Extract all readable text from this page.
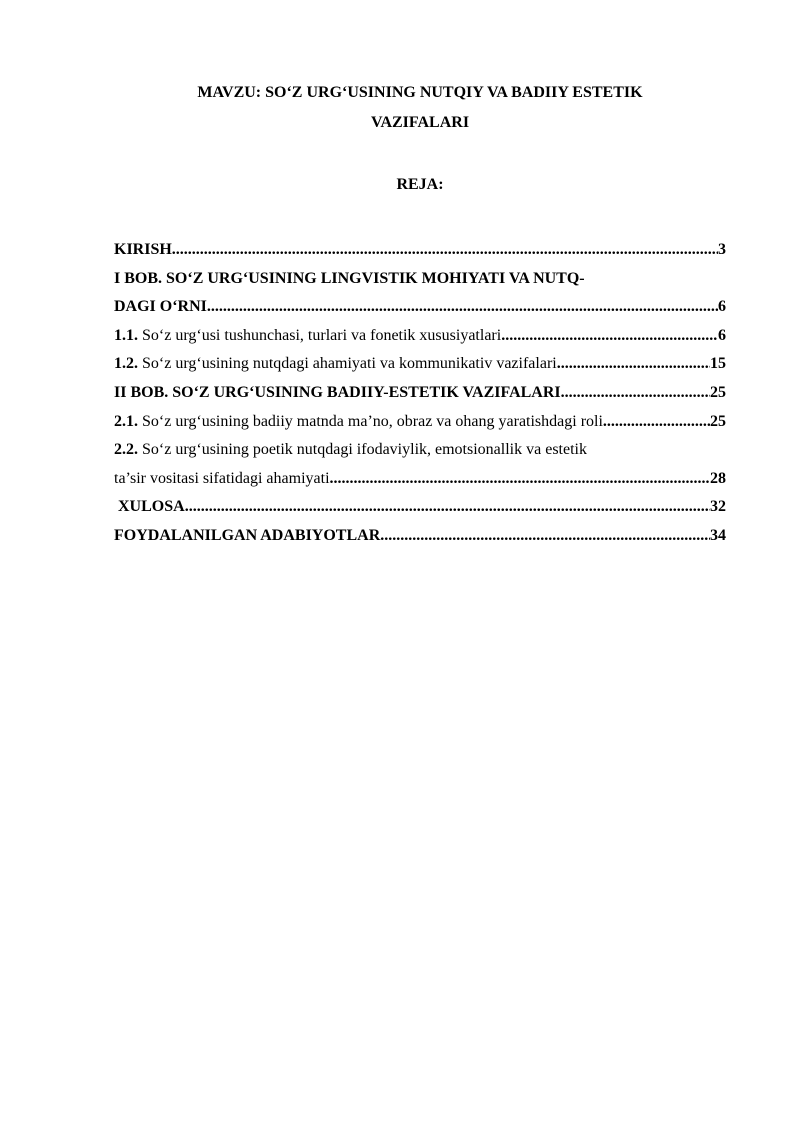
MAVZU: SO‘Z URG‘USINING NUTQIY VA BADIIY ESTETIK
VAZIFALARI
REJA:
KIRISH .....	3
I BOB. SO‘Z URG‘USINING LINGVISTIK MOHIYATI VA NUTQ-
DAGI O‘RNI .....	6
1.1. So‘z urg‘usi tushunchasi, turlari va fonetik xususiyatlari .....	6
1.2. So‘z urg‘usining nutqdagi ahamiyati va kommunikativ vazifalari .....	15
II BOB. SO‘Z URG‘USINING BADIIY-ESTETIK VAZIFALARI .....	25
2.1. So‘z urg‘usining badiiy matnda ma’no, obraz va ohang yaratishdagi roli .....	25
2.2. So‘z urg‘usining poetik nutqdagi ifodaviylik, emotsionallik va estetik
ta’sir vositasi sifatidagi ahamiyati .....	28
XULOSA .....	32
FOYDALANILGAN ADABIYOTLAR .....	34
